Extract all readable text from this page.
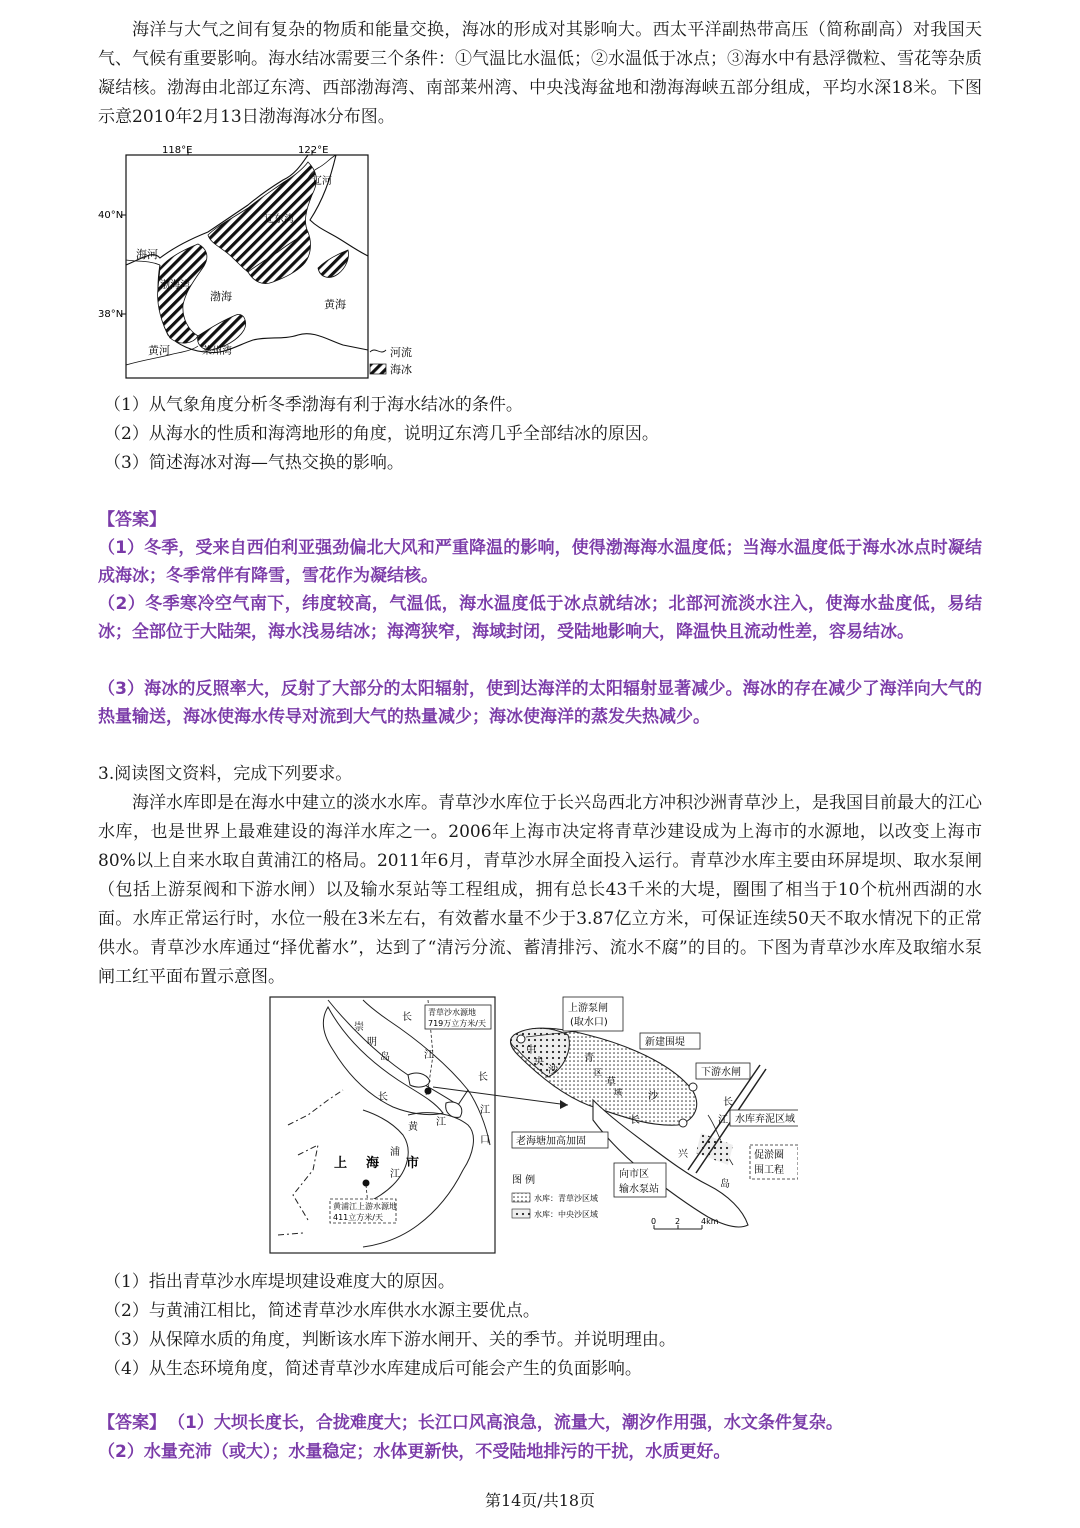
海洋与大气之间有复杂的物质和能量交换，海冰的形成对其影响大。西太平洋副热带高压（简称副高）对我国天气、气候有重要影响。海水结冰需要三个条件：①气温比水温低；②水温低于冰点；③海水中有悬浮微粒、雪花等杂质凝结核。渤海由北部辽东湾、西部渤海湾、南部莱州湾、中央浅海盆地和渤海海峡五部分组成，平均水深18米。下图示意2010年2月13日渤海海冰分布图。

118°E	122°E
40°N
38°N
辽河
辽东湾
海河
渤海湾
渤海
黄海
黄河	莱州湾	河流
海冰

（1）从气象角度分析冬季渤海有利于海水结冰的条件。

（2）从海水的性质和海湾地形的角度，说明辽东湾几乎全部结冰的原因。

（3）简述海冰对海—气热交换的影响。

【答案】

（1）冬季，受来自西伯利亚强劲偏北大风和严重降温的影响，使得渤海海水温度低；当海水温度低于海水冰点时凝结成海冰；冬季常伴有降雪，雪花作为凝结核。

（2）冬季寒冷空气南下，纬度较高，气温低，海水温度低于冰点就结冰；北部河流淡水注入，使海水盐度低，易结冰；全部位于大陆架，海水浅易结冰；海湾狭窄，海域封闭，受陆地影响大，降温快且流动性差，容易结冰。

（3）海冰的反照率大，反射了大部分的太阳辐射，使到达海洋的太阳辐射显著减少。海冰的存在减少了海洋向大气的热量输送，海冰使海水传导对流到大气的热量减少；海冰使海洋的蒸发失热减少。

3.阅读图文资料，完成下列要求。

海洋水库即是在海水中建立的淡水水库。青草沙水库位于长兴岛西北方冲积沙洲青草沙上，是我国目前最大的江心水库，也是世界上最难建设的海洋水库之一。2006年上海市决定将青草沙建设成为上海市的水源地，以改变上海市80%以上自来水取自黄浦江的格局。2011年6月，青草沙水屏全面投入运行。青草沙水库主要由环屏堤坝、取水泵闸（包括上游泵阀和下游水闸）以及输水泵站等工程组成，拥有总长43千米的大堤，圈围了相当于10个杭州西湖的水面。水库正常运行时，水位一般在3米左右，有效蓄水量不少于3.87亿立方米，可保证连续50天不取水情况下的正常供水。青草沙水库通过“择优蓄水”，达到了“清污分流、蓄清排污、流水不腐”的目的。下图为青草沙水库及取缩水泵闸工红平面布置示意图。

崇
明
岛
长
江
长
长
江
口
江
黄
浦
江
上 海 市
青草沙水源地
719万立方米/天
黄浦江上游水源地
411立方米/天
上游泵闸
(取水口)
新建围堤
下游水闸
水库弃泥区域
老海塘加高加固
促淤圈
围工程
向市区
输水泵站
中
央
沙
青
区
草
沙
域
长
兴
岛
长
江
图 例
水库：青草沙区域
水库：中央沙区域
0 2	4km

（1）指出青草沙水库堤坝建设难度大的原因。

（2）与黄浦江相比，简述青草沙水库供水水源主要优点。

（3）从保障水质的角度，判断该水库下游水闸开、关的季节。并说明理由。

（4）从生态环境角度，简述青草沙水库建成后可能会产生的负面影响。

【答案】 （1）大坝长度长，合拢难度大；长江口风高浪急，流量大，潮汐作用强，水文条件复杂。

（2）水量充沛（或大）；水量稳定；水体更新快，不受陆地排污的干扰，水质更好。

第14页/共18页
